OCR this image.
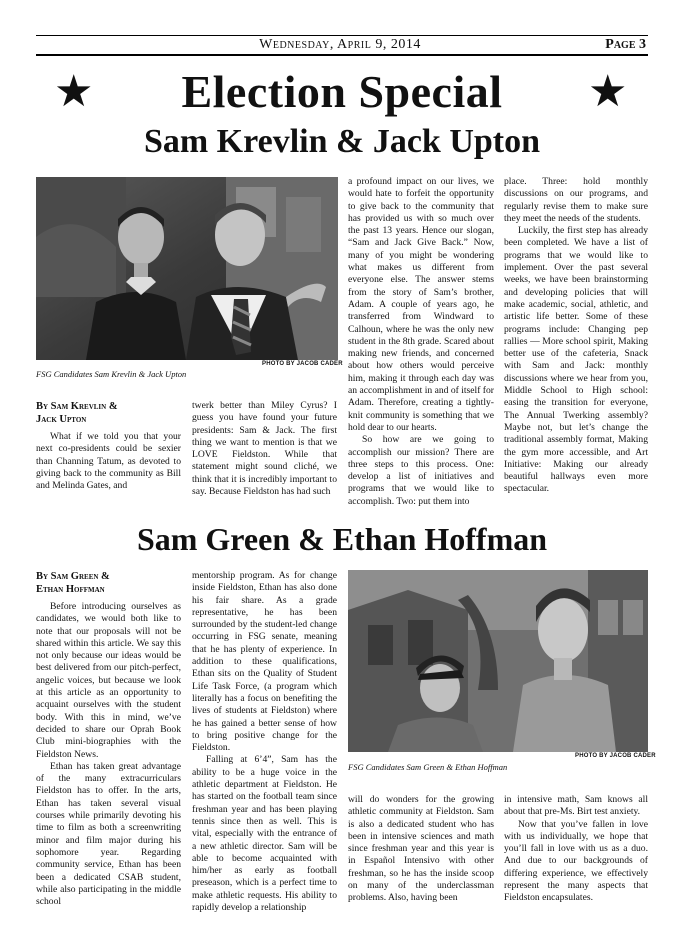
Wednesday, April 9, 2014	Page 3
★	Election Special	★
Sam Krevlin & Jack Upton
PHOTO BY JACOB CADER
FSG Candidates Sam Krevlin & Jack Upton
By Sam Krevlin &
Jack Upton

What if we told you that your next co-presidents could be sexier than Channing Tatum, as devoted to giving back to the community as Bill and Melinda Gates, and

twerk better than Miley Cyrus? I guess you have found your future presidents: Sam & Jack. The first thing we want to mention is that we LOVE Fieldston. While that statement might sound cliché, we think that it is incredibly important to say. Because Fieldston has had such

a profound impact on our lives, we would hate to forfeit the opportunity to give back to the community that has provided us with so much over the past 13 years. Hence our slogan, “Sam and Jack Give Back.” Now, many of you might be wondering what makes us different from everyone else. The answer stems from the story of Sam’s brother, Adam. A couple of years ago, he transferred from Windward to Calhoun, where he was the only new student in the 8th grade. Scared about making new friends, and concerned about how others would perceive him, making it through each day was an accomplishment in and of itself for Adam. Therefore, creating a tightly-knit community is something that we hold dear to our hearts.

So how are we going to accomplish our mission? There are three steps to this process. One: develop a list of initiatives and programs that we would like to accomplish. Two: put them into

place. Three: hold monthly discussions on our programs, and regularly revise them to make sure they meet the needs of the students.

Luckily, the first step has already been completed. We have a list of programs that we would like to implement. Over the past several weeks, we have been brainstorming and developing policies that will make academic, social, athletic, and artistic life better. Some of these programs include: Changing pep rallies — More school spirit, Making better use of the cafeteria, Snack with Sam and Jack: monthly discussions where we hear from you, Middle School to High school: easing the transition for everyone, The Annual Twerking assembly? Maybe not, but let’s change the traditional assembly format, Making the gym more accessible, and Art Initiative: Making our already beautiful hallways even more spectacular.

Sam Green & Ethan Hoffman
PHOTO BY JACOB CADER
FSG Candidates Sam Green & Ethan Hoffman
By Sam Green &
Ethan Hoffman

Before introducing ourselves as candidates, we would both like to note that our proposals will not be shared within this article. We say this not only because our ideas would be best delivered from our pitch-perfect, angelic voices, but because we look at this article as an opportunity to acquaint ourselves with the student body. With this in mind, we’ve decided to share our Oprah Book Club mini-biographies with the Fieldston News.

Ethan has taken great advantage of the many extracurriculars Fieldston has to offer. In the arts, Ethan has taken several visual courses while primarily devoting his time to film as both a screenwriting minor and film major during his sophomore year. Regarding community service, Ethan has been been a dedicated CSAB student, while also participating in the middle school

mentorship program. As for change inside Fieldston, Ethan has also done his fair share. As a grade representative, he has been surrounded by the student-led change occurring in FSG senate, meaning that he has plenty of experience. In addition to these qualifications, Ethan sits on the Quality of Student Life Task Force, (a program which literally has a focus on benefiting the lives of students at Fieldston) where he has gained a better sense of how to bring positive change for the Fieldston.

Falling at 6’4”, Sam has the ability to be a huge voice in the athletic department at Fieldston. He has started on the football team since freshman year and has been playing tennis since then as well. This is vital, especially with the entrance of a new athletic director. Sam will be able to become acquainted with him/her as early as football preseason, which is a perfect time to make athletic requests. His ability to rapidly develop a relationship

will do wonders for the growing athletic community at Fieldston. Sam is also a dedicated student who has been in intensive sciences and math since freshman year and this year is in Español Intensivo with other freshman, so he has the inside scoop on many of the underclassman problems. Also, having been

in intensive math, Sam knows all about that pre-Ms. Birt test anxiety.

Now that you’ve fallen in love with us individually, we hope that you’ll fall in love with us as a duo. And due to our backgrounds of differing experience, we effectively represent the many aspects that Fieldston encapsulates.
